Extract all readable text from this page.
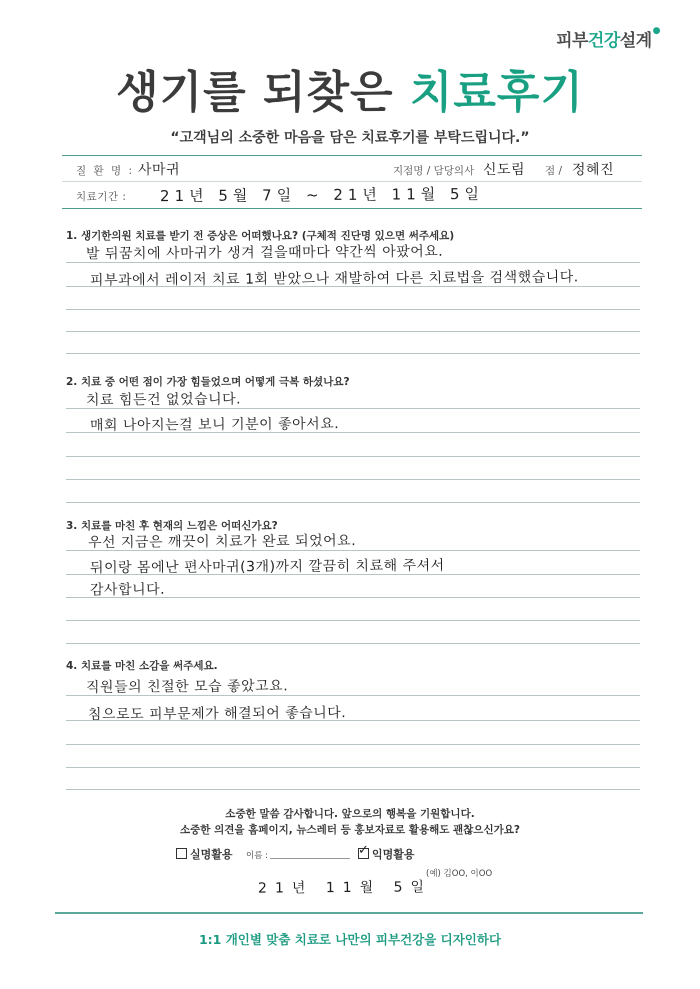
피부건강설계●
생기를 되찾은 치료후기
“고객님의 소중한 마음을 담은 치료후기를 부탁드립니다.”
질 환 명 : 사마귀	지점명 / 담당의사 신도림 점 / 정혜진
치료기간 : 21년 5월 7일 ~ 21년 11월 5일
1. 생기한의원 치료를 받기 전 증상은 어떠했나요? (구체적 진단명 있으면 써주세요)
발 뒤꿈치에 사마귀가 생겨 걸을때마다 약간씩 아팠어요.
피부과에서 레이저 치료 1회 받았으나 재발하여 다른 치료법을 검색했습니다.
2. 치료 중 어떤 점이 가장 힘들었으며 어떻게 극복 하셨나요?
치료 힘든건 없었습니다.
매회 나아지는걸 보니 기분이 좋아서요.
3. 치료를 마친 후 현재의 느낌은 어떠신가요?
우선 지금은 깨끗이 치료가 완료 되었어요.
뒤이랑 몸에난 편사마귀(3개)까지 깔끔히 치료해 주셔서
감사합니다.
4. 치료를 마친 소감을 써주세요.
직원들의 친절한 모습 좋았고요.
침으로도 피부문제가 해결되어 좋습니다.
소중한 말씀 감사합니다. 앞으로의 행복을 기원합니다.
소중한 의견을 홈페이지, 뉴스레터 등 홍보자료로 활용해도 괜찮으신가요?
실명활용 이름 :	✓ 익명활용
(예) 김OO, 이OO
21년 11월 5일
1:1 개인별 맞춤 치료로 나만의 피부건강을 디자인하다
